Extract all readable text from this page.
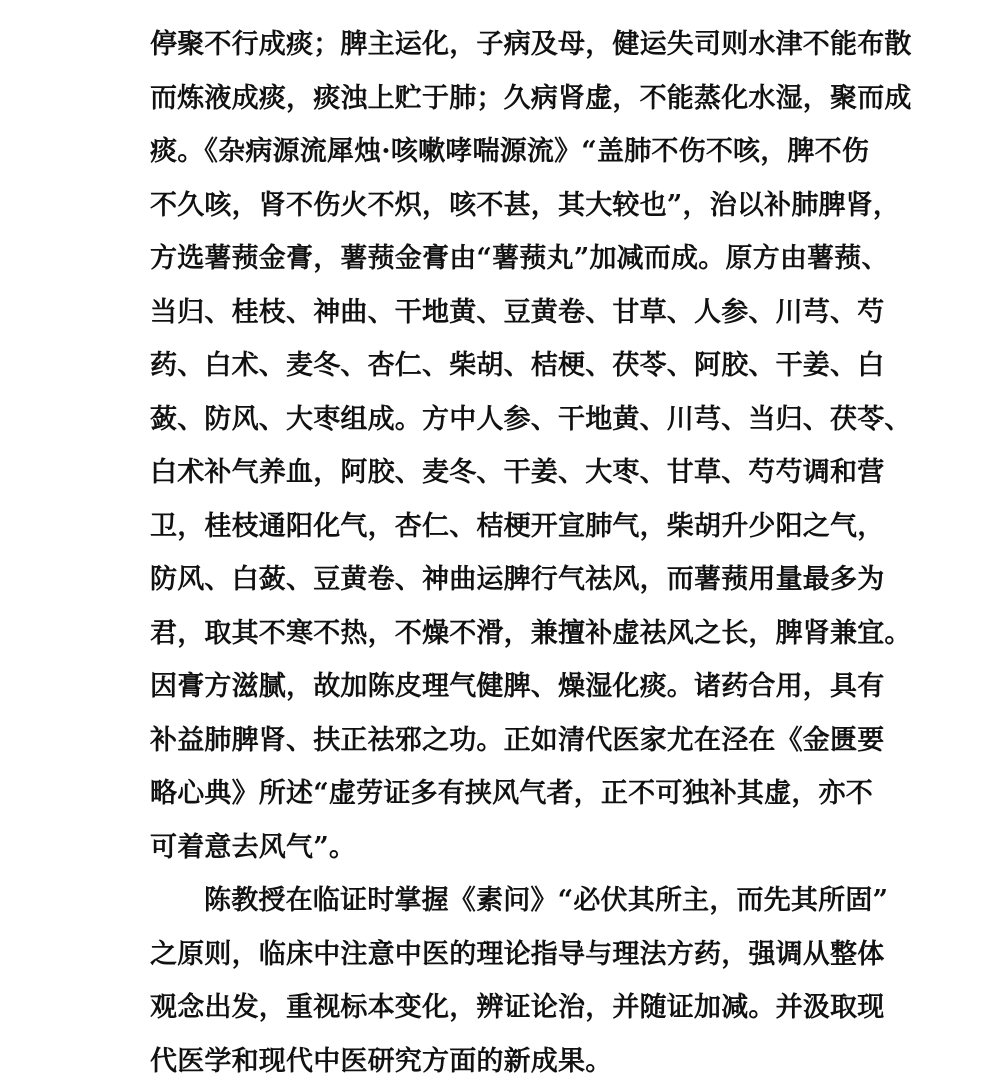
停聚不行成痰；脾主运化，子病及母，健运失司则水津不能布散
而炼液成痰，痰浊上贮于肺；久病肾虚，不能蒸化水湿，聚而成
痰。《杂病源流犀烛·咳嗽哮喘源流》“盖肺不伤不咳，脾不伤
不久咳，肾不伤火不炽，咳不甚，其大较也”，治以补肺脾肾，
方选薯蓣金膏，薯蓣金膏由“薯蓣丸”加减而成。原方由薯蓣、
当归、桂枝、神曲、干地黄、豆黄卷、甘草、人参、川芎、芍
药、白术、麦冬、杏仁、柴胡、桔梗、茯苓、阿胶、干姜、白
蔹、防风、大枣组成。方中人参、干地黄、川芎、当归、茯苓、
白术补气养血，阿胶、麦冬、干姜、大枣、甘草、芍芍调和营
卫，桂枝通阳化气，杏仁、桔梗开宣肺气，柴胡升少阳之气，
防风、白蔹、豆黄卷、神曲运脾行气祛风，而薯蓣用量最多为
君，取其不寒不热，不燥不滑，兼擅补虚祛风之长，脾肾兼宜。
因膏方滋腻，故加陈皮理气健脾、燥湿化痰。诸药合用，具有
补益肺脾肾、扶正祛邪之功。正如清代医家尤在泾在《金匮要
略心典》所述“虚劳证多有挟风气者，正不可独补其虚，亦不
可着意去风气”。
陈教授在临证时掌握《素问》“必伏其所主，而先其所固”
之原则，临床中注意中医的理论指导与理法方药，强调从整体
观念出发，重视标本变化，辨证论治，并随证加减。并汲取现
代医学和现代中医研究方面的新成果。
